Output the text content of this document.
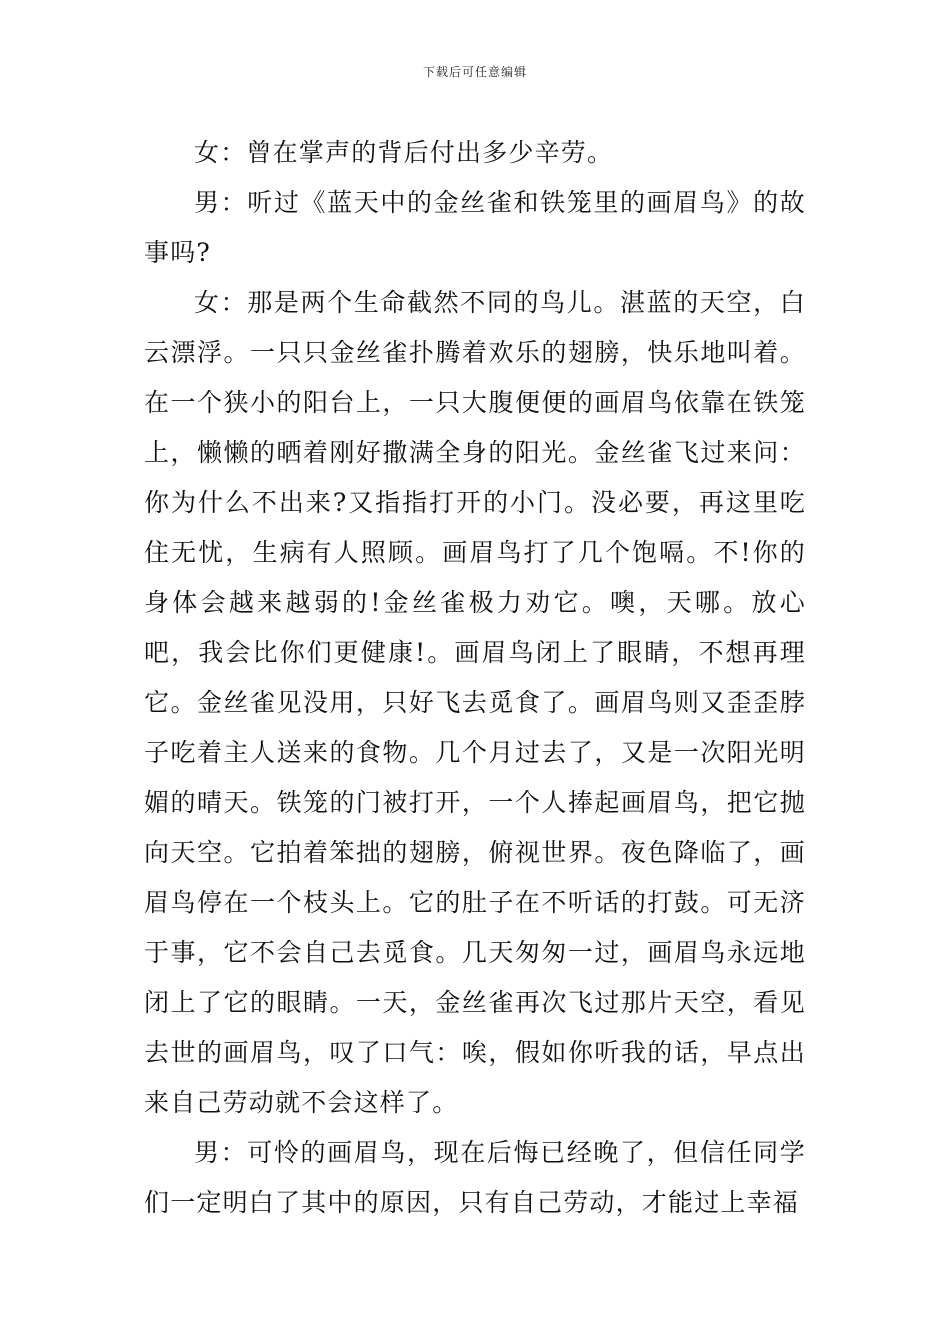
下载后可任意编辑

女：曾在掌声的背后付出多少辛劳。

男：听过《蓝天中的金丝雀和铁笼里的画眉鸟》的故事吗?

女：那是两个生命截然不同的鸟儿。湛蓝的天空，白云漂浮。一只只金丝雀扑腾着欢乐的翅膀，快乐地叫着。在一个狭小的阳台上，一只大腹便便的画眉鸟依靠在铁笼上，懒懒的晒着刚好撒满全身的阳光。金丝雀飞过来问：你为什么不出来?又指指打开的小门。没必要，再这里吃住无忧，生病有人照顾。画眉鸟打了几个饱嗝。不!你的身体会越来越弱的!金丝雀极力劝它。噢，天哪。放心吧，我会比你们更健康!。画眉鸟闭上了眼睛，不想再理它。金丝雀见没用，只好飞去觅食了。画眉鸟则又歪歪脖子吃着主人送来的食物。几个月过去了，又是一次阳光明媚的晴天。铁笼的门被打开，一个人捧起画眉鸟，把它抛向天空。它拍着笨拙的翅膀，俯视世界。夜色降临了，画眉鸟停在一个枝头上。它的肚子在不听话的打鼓。可无济于事，它不会自己去觅食。几天匆匆一过，画眉鸟永远地闭上了它的眼睛。一天，金丝雀再次飞过那片天空，看见去世的画眉鸟，叹了口气：唉，假如你听我的话，早点出来自己劳动就不会这样了。

男：可怜的画眉鸟，现在后悔已经晚了，但信任同学们一定明白了其中的原因，只有自己劳动，才能过上幸福
